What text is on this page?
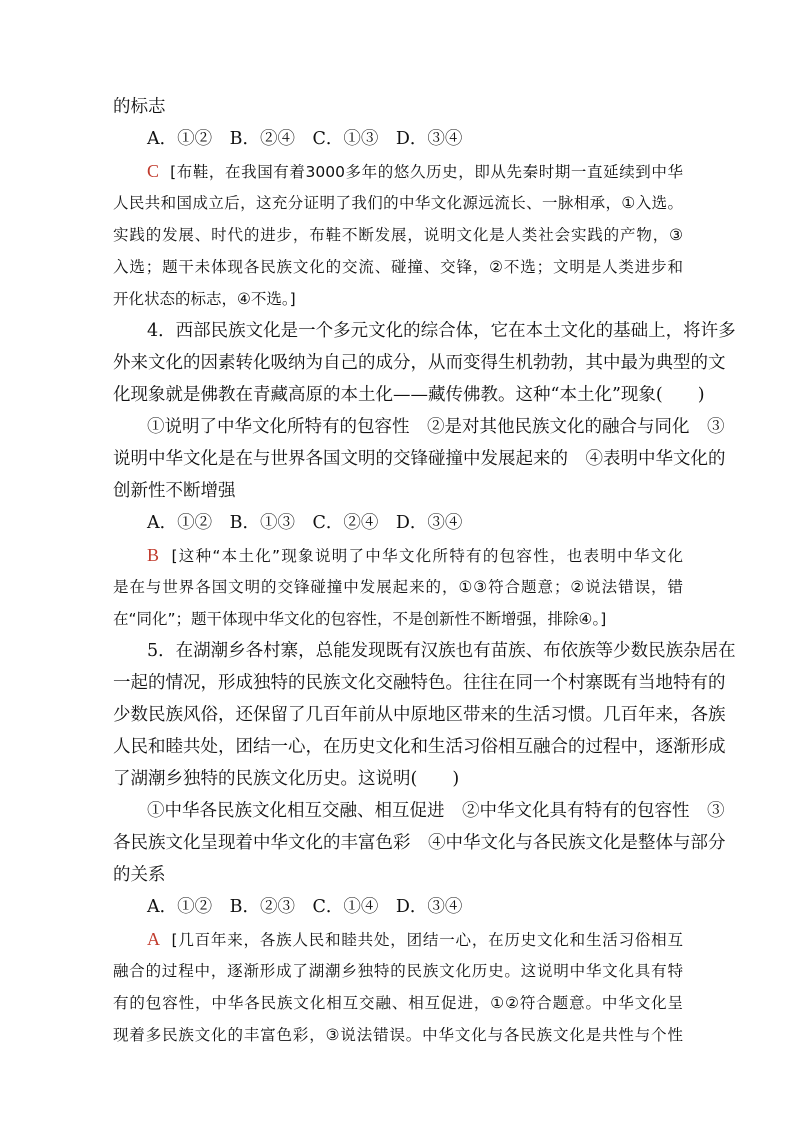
的标志
A．①②　B．②④　C．①③　D．③④
C [布鞋，在我国有着3000多年的悠久历史，即从先秦时期一直延续到中华
人民共和国成立后，这充分证明了我们的中华文化源远流长、一脉相承，①入选。
实践的发展、时代的进步，布鞋不断发展，说明文化是人类社会实践的产物，③
入选；题干未体现各民族文化的交流、碰撞、交锋，②不选；文明是人类进步和
开化状态的标志，④不选。]
4．西部民族文化是一个多元文化的综合体，它在本土文化的基础上，将许多
外来文化的因素转化吸纳为自己的成分，从而变得生机勃勃，其中最为典型的文
化现象就是佛教在青藏高原的本土化——藏传佛教。这种“本土化”现象(　　)
①说明了中华文化所特有的包容性　②是对其他民族文化的融合与同化　③
说明中华文化是在与世界各国文明的交锋碰撞中发展起来的　④表明中华文化的
创新性不断增强
A．①②　B．①③　C．②④　D．③④
B [这种“本土化”现象说明了中华文化所特有的包容性，也表明中华文化
是在与世界各国文明的交锋碰撞中发展起来的，①③符合题意；②说法错误，错
在“同化”；题干体现中华文化的包容性，不是创新性不断增强，排除④。]
5．在湖潮乡各村寨，总能发现既有汉族也有苗族、布依族等少数民族杂居在
一起的情况，形成独特的民族文化交融特色。往往在同一个村寨既有当地特有的
少数民族风俗，还保留了几百年前从中原地区带来的生活习惯。几百年来，各族
人民和睦共处，团结一心，在历史文化和生活习俗相互融合的过程中，逐渐形成
了湖潮乡独特的民族文化历史。这说明(　　)
①中华各民族文化相互交融、相互促进　②中华文化具有特有的包容性　③
各民族文化呈现着中华文化的丰富色彩　④中华文化与各民族文化是整体与部分
的关系
A．①②　B．②③　C．①④　D．③④
A [几百年来，各族人民和睦共处，团结一心，在历史文化和生活习俗相互
融合的过程中，逐渐形成了湖潮乡独特的民族文化历史。这说明中华文化具有特
有的包容性，中华各民族文化相互交融、相互促进，①②符合题意。中华文化呈
现着多民族文化的丰富色彩，③说法错误。中华文化与各民族文化是共性与个性
